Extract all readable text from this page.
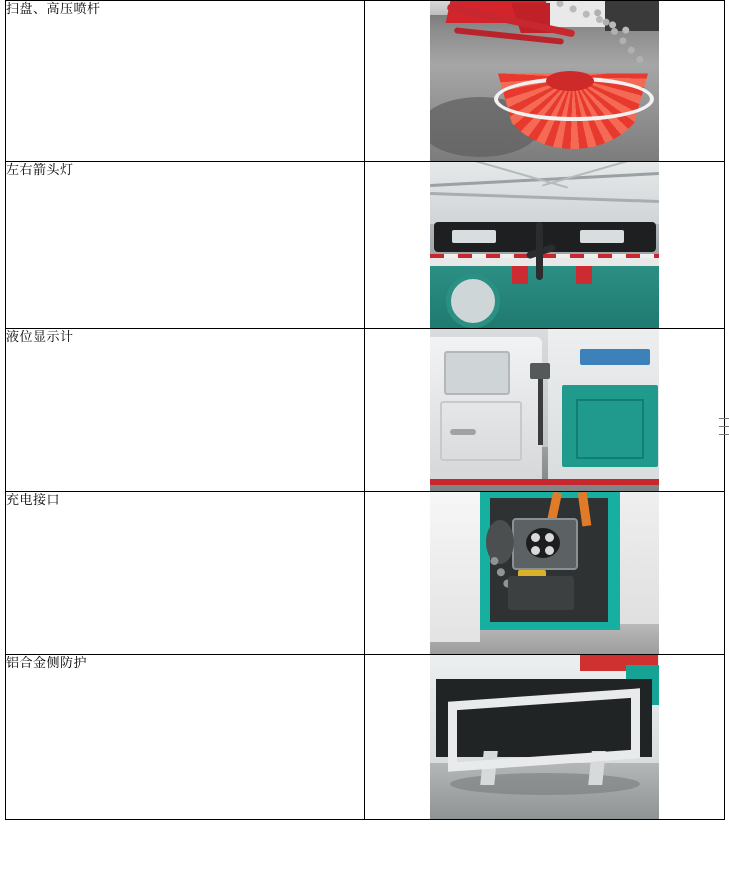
扫盘、高压喷杆	

左右箭头灯	

液位显示计	

充电接口	

铝合金侧防护	
